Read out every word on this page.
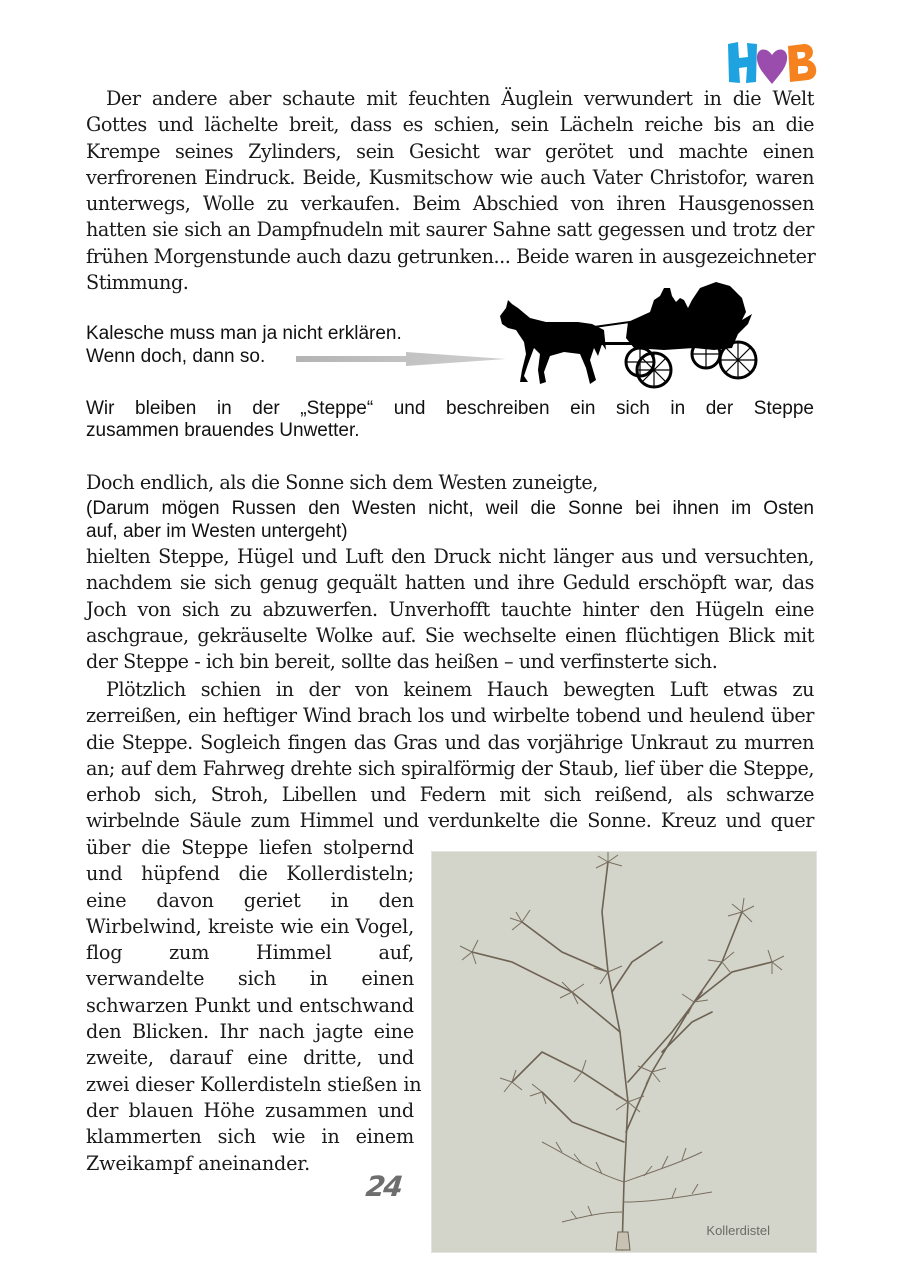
Der andere aber schaute mit feuchten Äuglein verwundert in die Welt
Gottes und lächelte breit, dass es schien, sein Lächeln reiche bis an die
Krempe seines Zylinders, sein Gesicht war gerötet und machte einen
verfrorenen Eindruck. Beide, Kusmitschow wie auch Vater Christofor, waren
unterwegs, Wolle zu verkaufen. Beim Abschied von ihren Hausgenossen
hatten sie sich an Dampfnudeln mit saurer Sahne satt gegessen und trotz der
frühen Morgenstunde auch dazu getrunken... Beide waren in ausgezeichneter
Stimmung.
Kalesche muss man ja nicht erklären.
Wenn doch, dann so.
Wir bleiben in der „Steppe“ und beschreiben ein sich in der Steppe
zusammen brauendes Unwetter.
Doch endlich, als die Sonne sich dem Westen zuneigte,
(Darum mögen Russen den Westen nicht, weil die Sonne bei ihnen im Osten
auf, aber im Westen untergeht)
hielten Steppe, Hügel und Luft den Druck nicht länger aus und versuchten,
nachdem sie sich genug gequält hatten und ihre Geduld erschöpft war, das
Joch von sich zu abzuwerfen. Unverhofft tauchte hinter den Hügeln eine
aschgraue, gekräuselte Wolke auf. Sie wechselte einen flüchtigen Blick mit
der Steppe - ich bin bereit, sollte das heißen – und verfinsterte sich.
Plötzlich schien in der von keinem Hauch bewegten Luft etwas zu
zerreißen, ein heftiger Wind brach los und wirbelte tobend und heulend über
die Steppe. Sogleich fingen das Gras und das vorjährige Unkraut zu murren
an; auf dem Fahrweg drehte sich spiralförmig der Staub, lief über die Steppe,
erhob sich, Stroh, Libellen und Federn mit sich reißend, als schwarze
wirbelnde Säule zum Himmel und verdunkelte die Sonne. Kreuz und quer
über die Steppe liefen stolpernd
und hüpfend die Kollerdisteln;
eine davon geriet in den
Wirbelwind, kreiste wie ein Vogel,
flog zum Himmel auf,
verwandelte sich in einen
schwarzen Punkt und entschwand
den Blicken. Ihr nach jagte eine
zweite, darauf eine dritte, und
zwei dieser Kollerdisteln stießen in
der blauen Höhe zusammen und
klammerten sich wie in einem
Zweikampf aneinander.
Kollerdistel
24
